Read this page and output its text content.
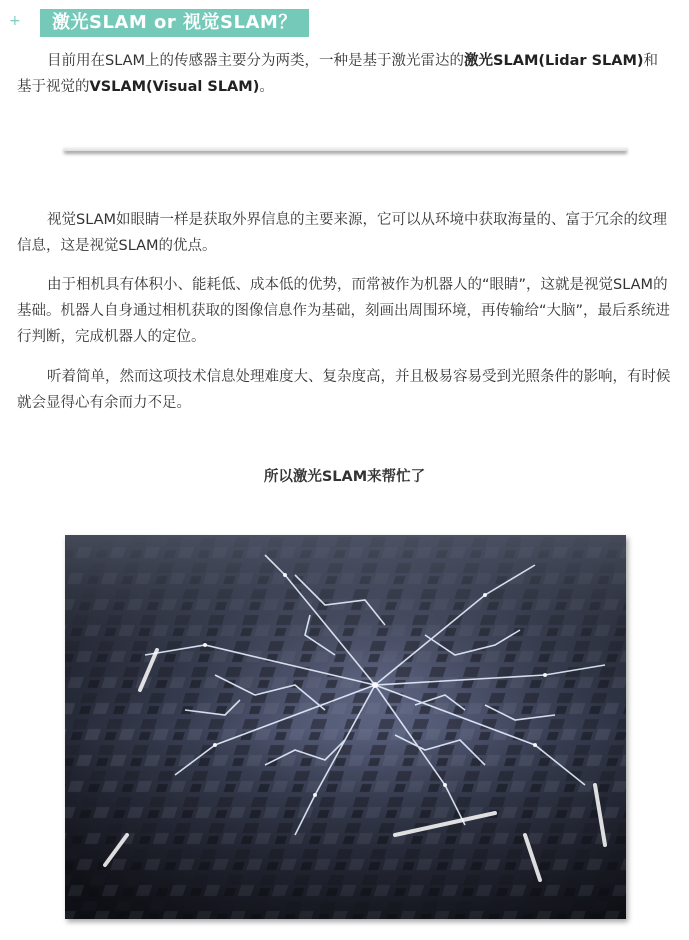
+	激光SLAM or 视觉SLAM？

目前用在SLAM上的传感器主要分为两类，一种是基于激光雷达的激光SLAM(Lidar SLAM)和基于视觉的VSLAM(Visual SLAM)。

视觉SLAM如眼睛一样是获取外界信息的主要来源，它可以从环境中获取海量的、富于冗余的纹理信息，这是视觉SLAM的优点。

由于相机具有体积小、能耗低、成本低的优势，而常被作为机器人的“眼睛”，这就是视觉SLAM的基础。机器人自身通过相机获取的图像信息作为基础，刻画出周围环境，再传输给“大脑”，最后系统进行判断，完成机器人的定位。

听着简单，然而这项技术信息处理难度大、复杂度高，并且极易容易受到光照条件的影响，有时候就会显得心有余而力不足。

所以激光SLAM来帮忙了
